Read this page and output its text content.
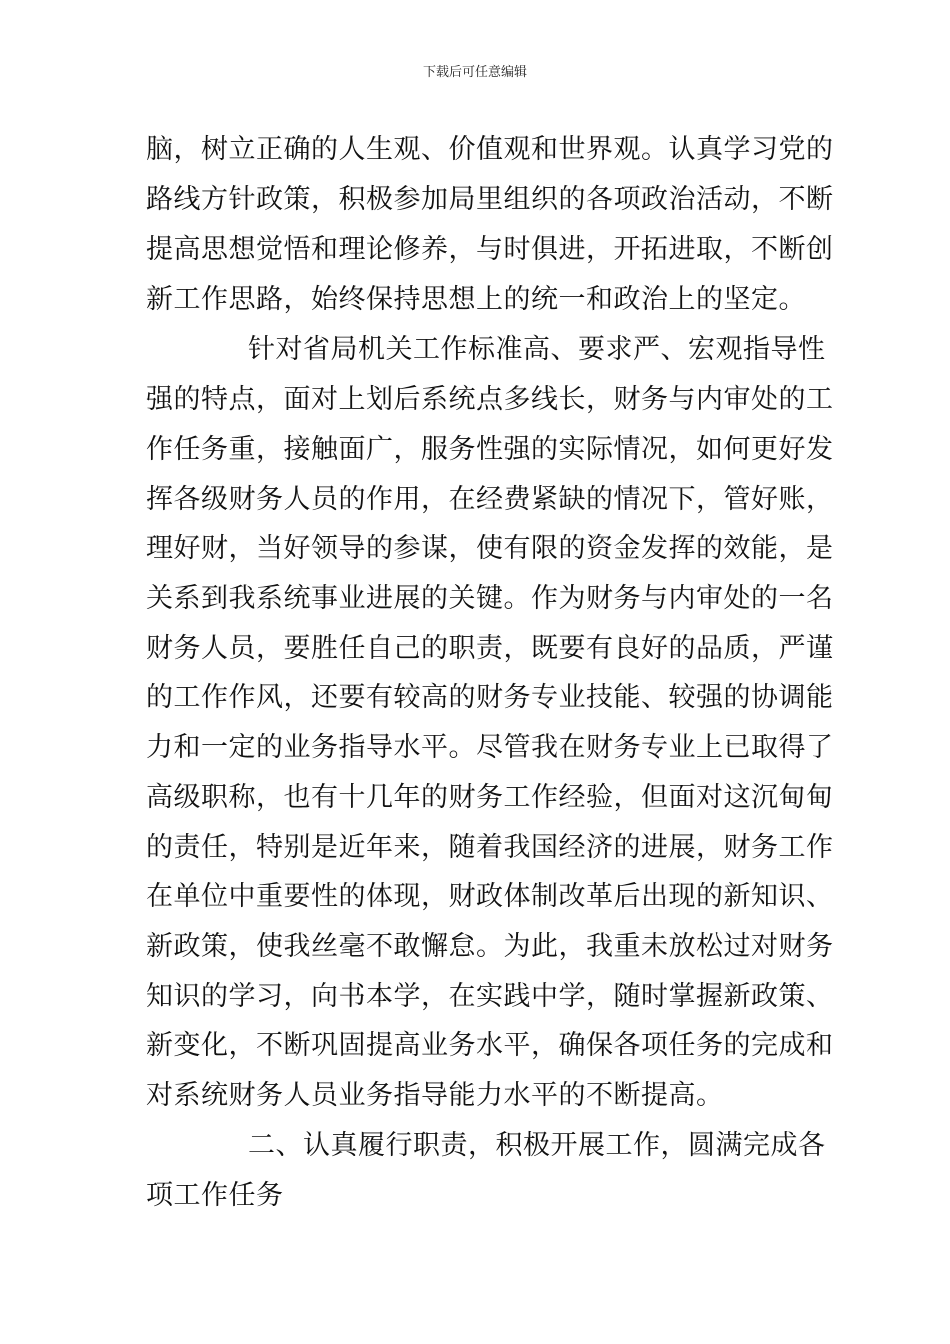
下载后可任意编辑
脑，树立正确的人生观、价值观和世界观。认真学习党的
路线方针政策，积极参加局里组织的各项政治活动，不断
提高思想觉悟和理论修养，与时俱进，开拓进取，不断创
新工作思路，始终保持思想上的统一和政治上的坚定。
针对省局机关工作标准高、要求严、宏观指导性
强的特点，面对上划后系统点多线长，财务与内审处的工
作任务重，接触面广，服务性强的实际情况，如何更好发
挥各级财务人员的作用，在经费紧缺的情况下，管好账，
理好财，当好领导的参谋，使有限的资金发挥的效能，是
关系到我系统事业进展的关键。作为财务与内审处的一名
财务人员，要胜任自己的职责，既要有良好的品质，严谨
的工作作风，还要有较高的财务专业技能、较强的协调能
力和一定的业务指导水平。尽管我在财务专业上已取得了
高级职称，也有十几年的财务工作经验，但面对这沉甸甸
的责任，特别是近年来，随着我国经济的进展，财务工作
在单位中重要性的体现，财政体制改革后出现的新知识、
新政策，使我丝毫不敢懈怠。为此，我重未放松过对财务
知识的学习，向书本学，在实践中学，随时掌握新政策、
新变化，不断巩固提高业务水平，确保各项任务的完成和
对系统财务人员业务指导能力水平的不断提高。
二、认真履行职责，积极开展工作，圆满完成各
项工作任务
